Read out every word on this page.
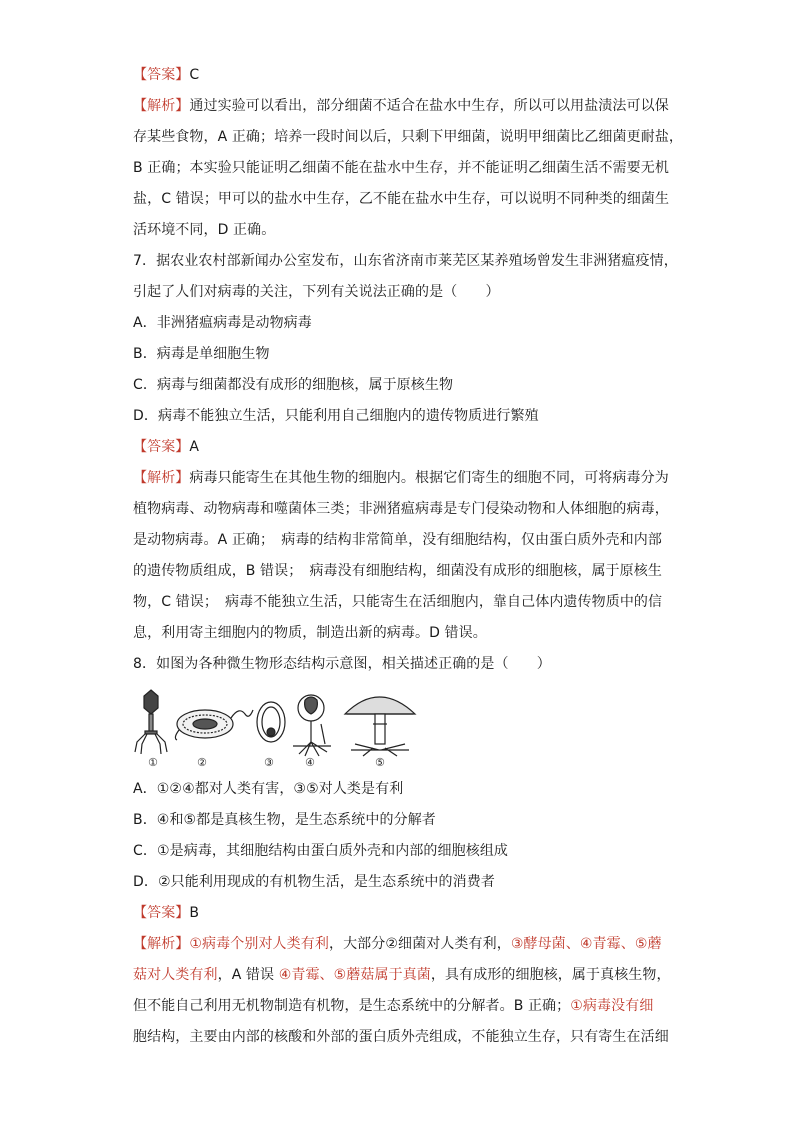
【答案】C
【解析】通过实验可以看出，部分细菌不适合在盐水中生存，所以可以用盐渍法可以保
存某些食物，A 正确；培养一段时间以后，只剩下甲细菌，说明甲细菌比乙细菌更耐盐，
B 正确；本实验只能证明乙细菌不能在盐水中生存，并不能证明乙细菌生活不需要无机
盐，C 错误；甲可以的盐水中生存，乙不能在盐水中生存，可以说明不同种类的细菌生
活环境不同，D 正确。
7．据农业农村部新闻办公室发布，山东省济南市莱芜区某养殖场曾发生非洲猪瘟疫情，
引起了人们对病毒的关注，下列有关说法正确的是（　　）
A．非洲猪瘟病毒是动物病毒
B．病毒是单细胞生物
C．病毒与细菌都没有成形的细胞核，属于原核生物
D．病毒不能独立生活，只能利用自己细胞内的遗传物质进行繁殖
【答案】A
【解析】病毒只能寄生在其他生物的细胞内。根据它们寄生的细胞不同，可将病毒分为
植物病毒、动物病毒和噬菌体三类；非洲猪瘟病毒是专门侵染动物和人体细胞的病毒，
是动物病毒。A 正确；　病毒的结构非常简单，没有细胞结构，仅由蛋白质外壳和内部
的遗传物质组成，B 错误；　病毒没有细胞结构，细菌没有成形的细胞核，属于原核生
物，C 错误；　病毒不能独立生活，只能寄生在活细胞内，靠自己体内遗传物质中的信
息，利用寄主细胞内的物质，制造出新的病毒。D 错误。
8．如图为各种微生物形态结构示意图，相关描述正确的是（　　）
①	②	③	④	⑤
A．①②④都对人类有害，③⑤对人类是有利
B．④和⑤都是真核生物，是生态系统中的分解者
C．①是病毒，其细胞结构由蛋白质外壳和内部的细胞核组成
D．②只能利用现成的有机物生活，是生态系统中的消费者
【答案】B
【解析】①病毒个别对人类有利，大部分②细菌对人类有利，③酵母菌、④青霉、⑤蘑
菇对人类有利，A 错误 ④青霉、⑤蘑菇属于真菌，具有成形的细胞核，属于真核生物，
但不能自己利用无机物制造有机物，是生态系统中的分解者。B 正确；①病毒没有细
胞结构，主要由内部的核酸和外部的蛋白质外壳组成，不能独立生存，只有寄生在活细
